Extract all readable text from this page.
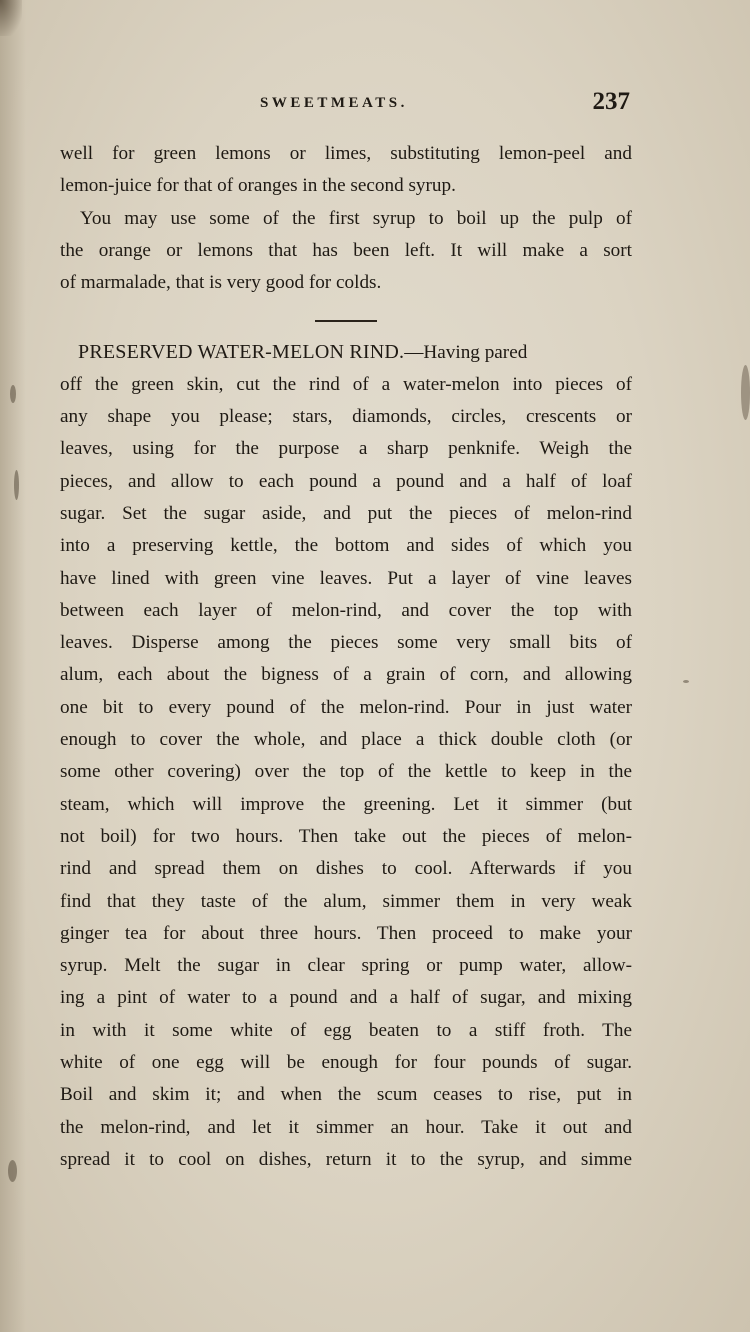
SWEETMEATS.	237
well for green lemons or limes, substituting lemon-peel and
lemon-juice for that of oranges in the second syrup.
You may use some of the first syrup to boil up the pulp of
the orange or lemons that has been left. It will make a sort
of marmalade, that is very good for colds.
PRESERVED WATER-MELON RIND.—Having pared
off the green skin, cut the rind of a water-melon into pieces of
any shape you please; stars, diamonds, circles, crescents or
leaves, using for the purpose a sharp penknife. Weigh the
pieces, and allow to each pound a pound and a half of loaf
sugar. Set the sugar aside, and put the pieces of melon-rind
into a preserving kettle, the bottom and sides of which you
have lined with green vine leaves. Put a layer of vine leaves
between each layer of melon-rind, and cover the top with
leaves. Disperse among the pieces some very small bits of
alum, each about the bigness of a grain of corn, and allowing
one bit to every pound of the melon-rind. Pour in just water
enough to cover the whole, and place a thick double cloth (or
some other covering) over the top of the kettle to keep in the
steam, which will improve the greening. Let it simmer (but
not boil) for two hours. Then take out the pieces of melon-
rind and spread them on dishes to cool. Afterwards if you
find that they taste of the alum, simmer them in very weak
ginger tea for about three hours. Then proceed to make your
syrup. Melt the sugar in clear spring or pump water, allow-
ing a pint of water to a pound and a half of sugar, and mixing
in with it some white of egg beaten to a stiff froth. The
white of one egg will be enough for four pounds of sugar.
Boil and skim it; and when the scum ceases to rise, put in
the melon-rind, and let it simmer an hour. Take it out and
spread it to cool on dishes, return it to the syrup, and simme
